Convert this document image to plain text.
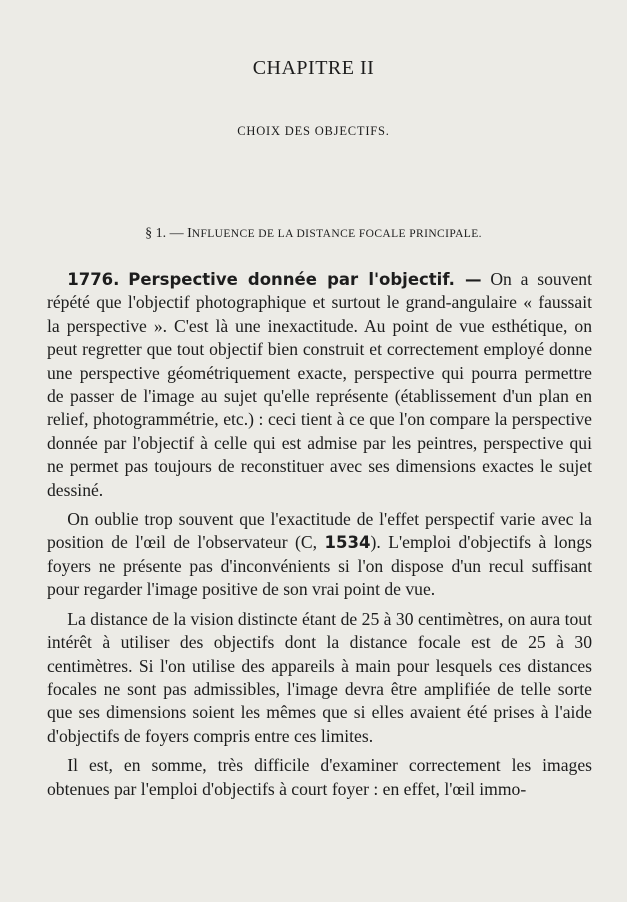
CHAPITRE II
CHOIX DES OBJECTIFS.
§ 1. — INFLUENCE DE LA DISTANCE FOCALE PRINCIPALE.

1776. Perspective donnée par l'objectif. — On a souvent répété que l'objectif photographique et surtout le grand-angulaire « faussait la perspective ». C'est là une inexactitude. Au point de vue esthétique, on peut regretter que tout objectif bien construit et correctement employé donne une perspective géométriquement exacte, perspective qui pourra permettre de passer de l'image au sujet qu'elle représente (établissement d'un plan en relief, photogrammétrie, etc.) : ceci tient à ce que l'on compare la perspective donnée par l'objectif à celle qui est admise par les peintres, perspective qui ne permet pas toujours de reconstituer avec ses dimensions exactes le sujet dessiné.

On oublie trop souvent que l'exactitude de l'effet perspectif varie avec la position de l'œil de l'observateur (C, 1534). L'emploi d'objectifs à longs foyers ne présente pas d'inconvénients si l'on dispose d'un recul suffisant pour regarder l'image positive de son vrai point de vue.

La distance de la vision distincte étant de 25 à 30 centimètres, on aura tout intérêt à utiliser des objectifs dont la distance focale est de 25 à 30 centimètres. Si l'on utilise des appareils à main pour lesquels ces distances focales ne sont pas admissibles, l'image devra être amplifiée de telle sorte que ses dimensions soient les mêmes que si elles avaient été prises à l'aide d'objectifs de foyers compris entre ces limites.

Il est, en somme, très difficile d'examiner correctement les images obtenues par l'emploi d'objectifs à court foyer : en effet, l'œil immo-
